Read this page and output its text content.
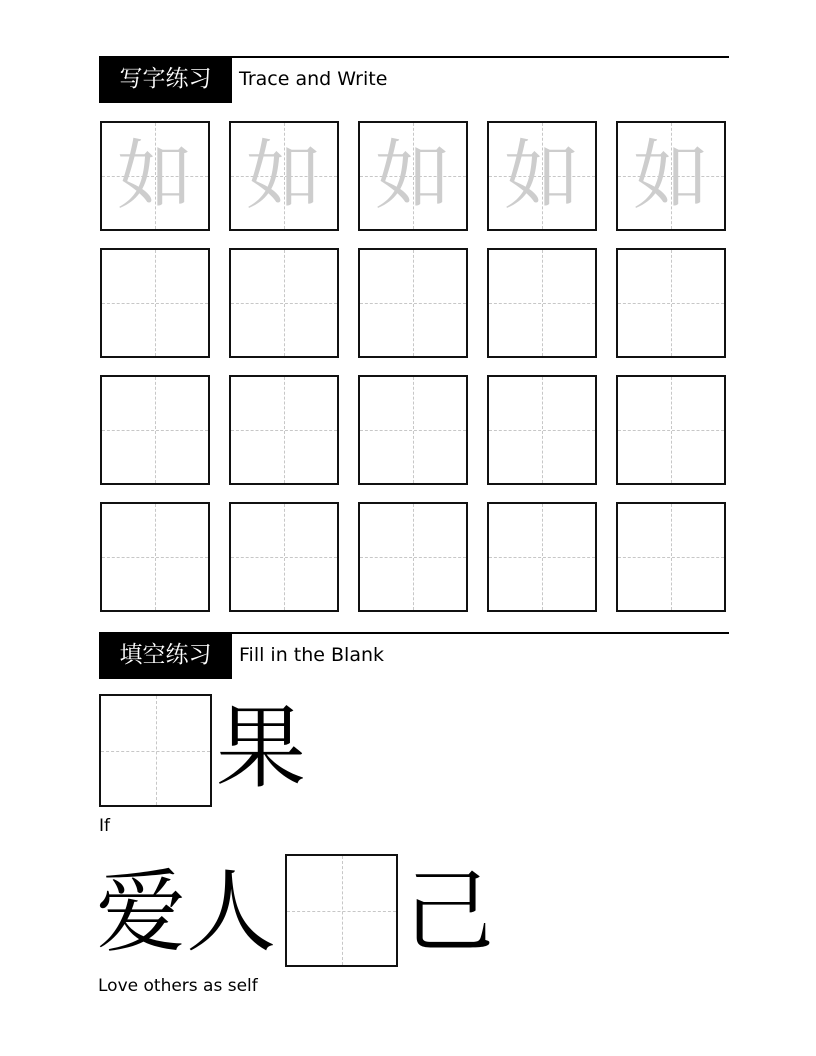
写字练习	Trace and Write
如 如 如 如 如
填空练习	Fill in the Blank
果
If
爱人 己
Love others as self
